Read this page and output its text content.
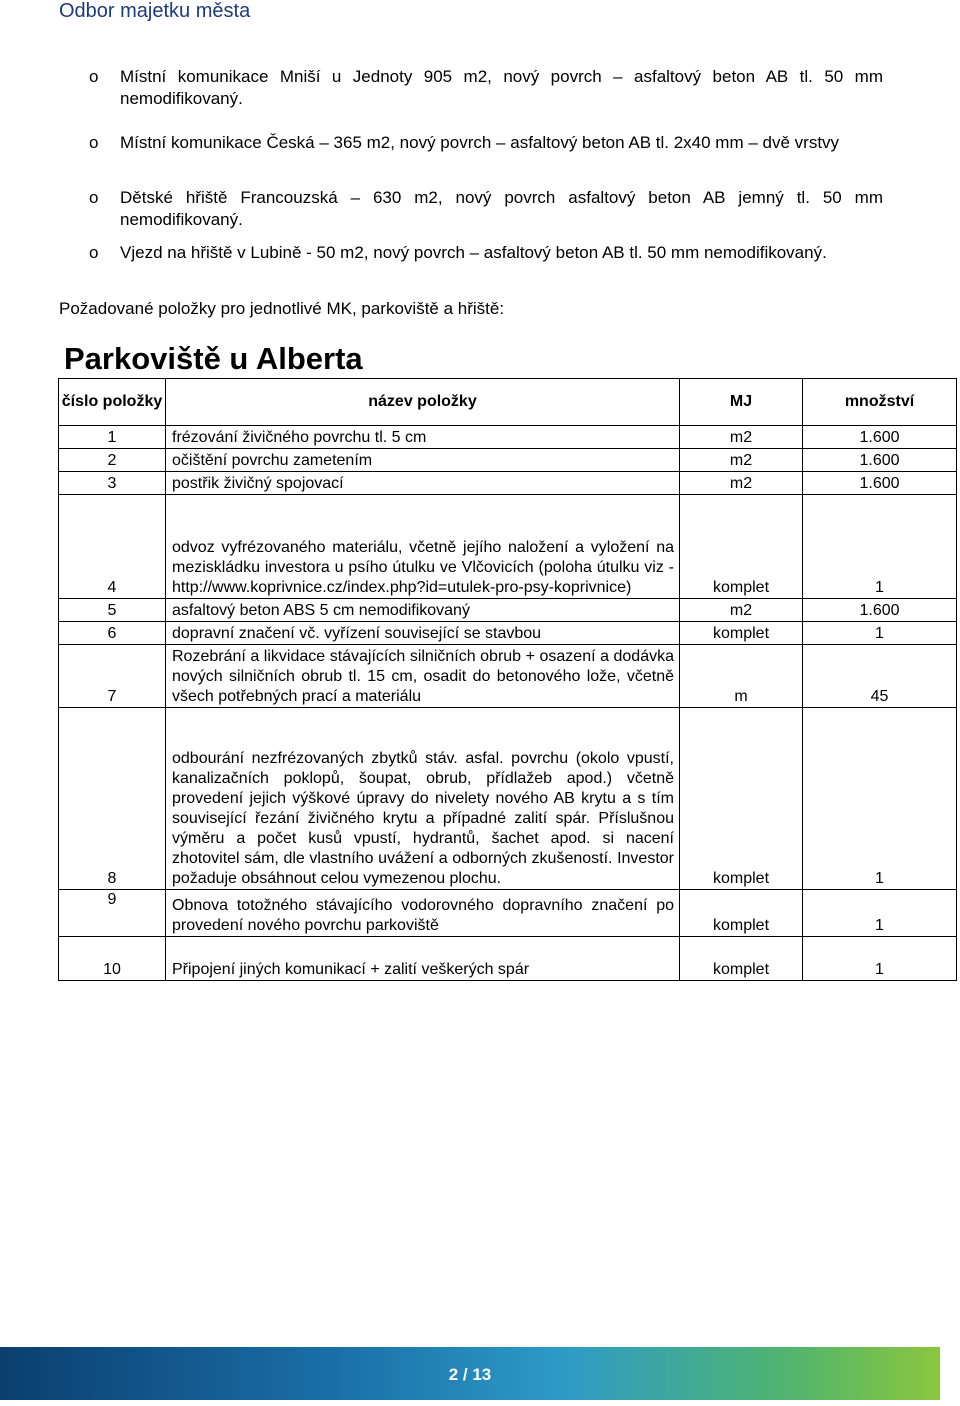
Odbor majetku města
o Místní komunikace Mniší u Jednoty 905 m2, nový povrch – asfaltový beton AB tl. 50 mm nemodifikovaný.
o Místní komunikace Česká – 365 m2, nový povrch – asfaltový beton AB tl. 2x40 mm – dvě vrstvy
o Dětské hřiště Francouzská – 630 m2, nový povrch asfaltový beton AB jemný tl. 50 mm nemodifikovaný.
o Vjezd na hřiště v Lubině - 50 m2, nový povrch – asfaltový beton AB tl. 50 mm nemodifikovaný.
Požadované položky pro jednotlivé MK, parkoviště a hřiště:
Parkoviště u Alberta
číslo položky	název položky	MJ	množství
1	frézování živičného povrchu tl. 5 cm	m2	1.600
2	očištění povrchu zametením	m2	1.600
3	postřik živičný spojovací	m2	1.600
4	odvoz vyfrézovaného materiálu, včetně jejího naložení a vyložení na meziskládku investora u psího útulku ve Vlčovicích (poloha útulku viz - http://www.koprivnice.cz/index.php?id=utulek-pro-psy-koprivnice)	komplet	1
5	asfaltový beton ABS 5 cm nemodifikovaný	m2	1.600
6	dopravní značení vč. vyřízení související se stavbou	komplet	1
7	Rozebrání a likvidace stávajících silničních obrub + osazení a dodávka nových silničních obrub tl. 15 cm, osadit do betonového lože, včetně všech potřebných prací a materiálu	m	45
8	odbourání nezfrézovaných zbytků stáv. asfal. povrchu (okolo vpustí, kanalizačních poklopů, šoupat, obrub, přídlažeb apod.) včetně provedení jejich výškové úpravy do nivelety nového AB krytu a s tím související řezání živičného krytu a případné zalití spár. Příslušnou výměru a počet kusů vpustí, hydrantů, šachet apod. si nacení zhotovitel sám, dle vlastního uvážení a odborných zkušeností. Investor požaduje obsáhnout celou vymezenou plochu.	komplet	1
9	Obnova totožného stávajícího vodorovného dopravního značení po provedení nového povrchu parkoviště	komplet	1
10	Připojení jiných komunikací + zalití veškerých spár	komplet	1
2 / 13
